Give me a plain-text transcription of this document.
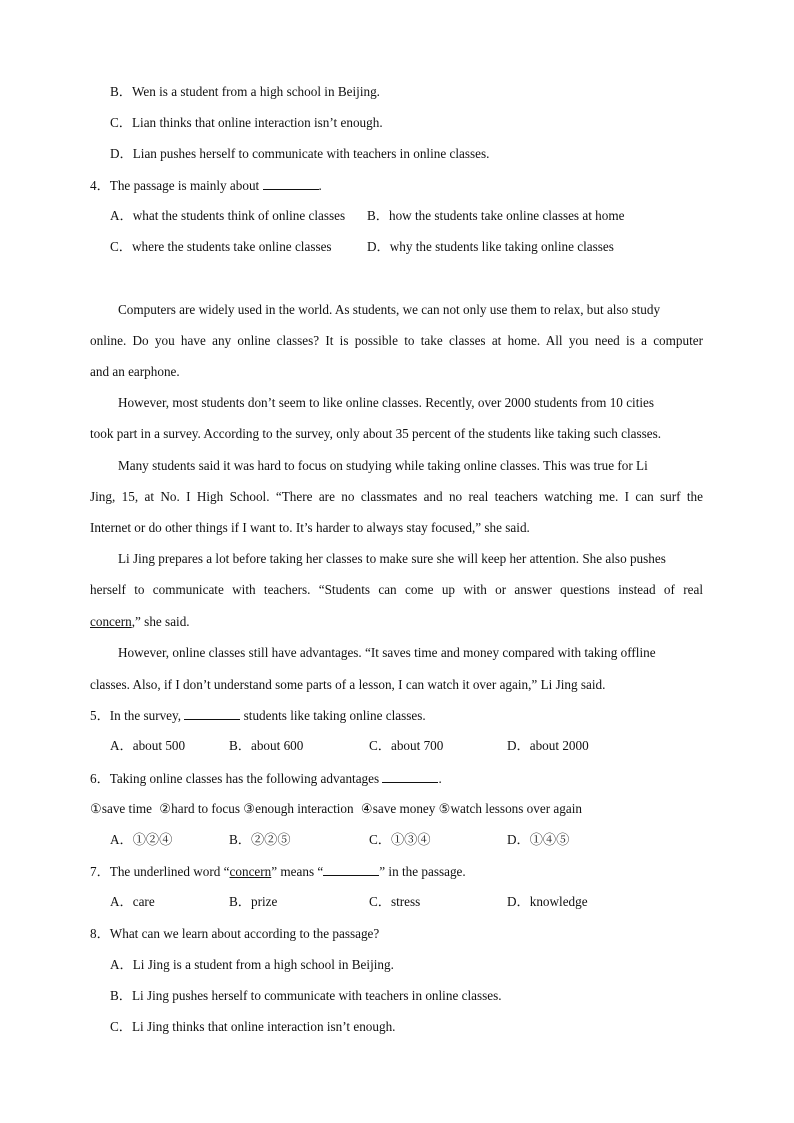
B．Wen is a student from a high school in Beijing.
C．Lian thinks that online interaction isn’t enough.
D．Lian pushes herself to communicate with teachers in online classes.
4．The passage is mainly about	.
A．what the students think of online classes B．how the students take online classes at home
C．where the students take online classes	D．why the students like taking online classes
Computers are widely used in the world. As students, we can not only use them to relax, but also study
online. Do you have any online classes? It is possible to take classes at home. All you need is a computer
and an earphone.
However, most students don’t seem to like online classes. Recently, over 2000 students from 10 cities
took part in a survey. According to the survey, only about 35 percent of the students like taking such classes.
Many students said it was hard to focus on studying while taking online classes. This was true for Li
Jing, 15, at No. I High School. “There are no classmates and no real teachers watching me. I can surf the
Internet or do other things if I want to. It’s harder to always stay focused,” she said.
Li Jing prepares a lot before taking her classes to make sure she will keep her attention. She also pushes
herself to communicate with teachers. “Students can come up with or answer questions instead of real
concern,” she said.
However, online classes still have advantages. “It saves time and money compared with taking offline
classes. Also, if I don’t understand some parts of a lesson, I can watch it over again,” Li Jing said.
5．In the survey,	students like taking online classes.
A．about 500	B．about 600	C．about 700	D．about 2000
6．Taking online classes has the following advantages	.
①save time ②hard to focus ③enough interaction ④save money ⑤watch lessons over again
A．①②④	B．②②⑤	C．①③④	D．①④⑤
7．The underlined word “concern” means “	” in the passage.
A．care	B．prize	C．stress	D．knowledge
8．What can we learn about according to the passage?
A．Li Jing is a student from a high school in Beijing.
B．Li Jing pushes herself to communicate with teachers in online classes.
C．Li Jing thinks that online interaction isn’t enough.
